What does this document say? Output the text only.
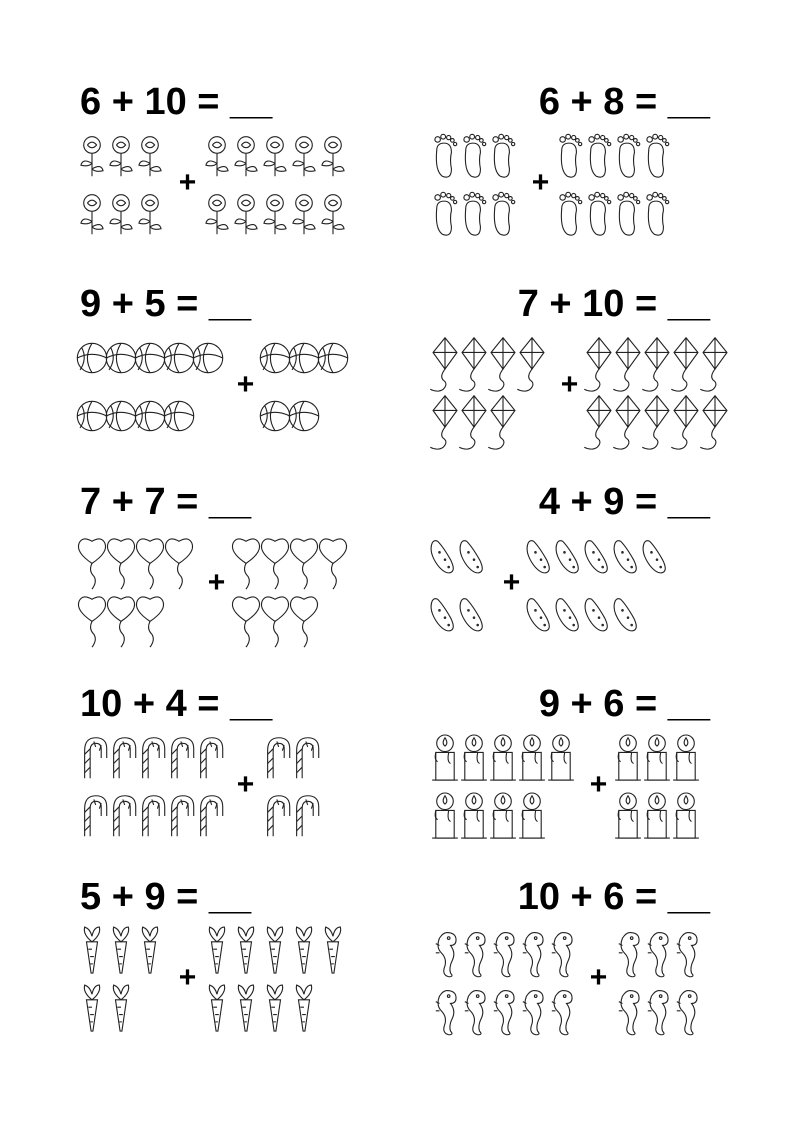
6 + 10 = __
+
6 + 8 = __
+
9 + 5 = __
+
7 + 10 = __
+
7 + 7 = __
+
4 + 9 = __
+
10 + 4 = __
+
9 + 6 = __
+
5 + 9 = __
+
10 + 6 = __
+
